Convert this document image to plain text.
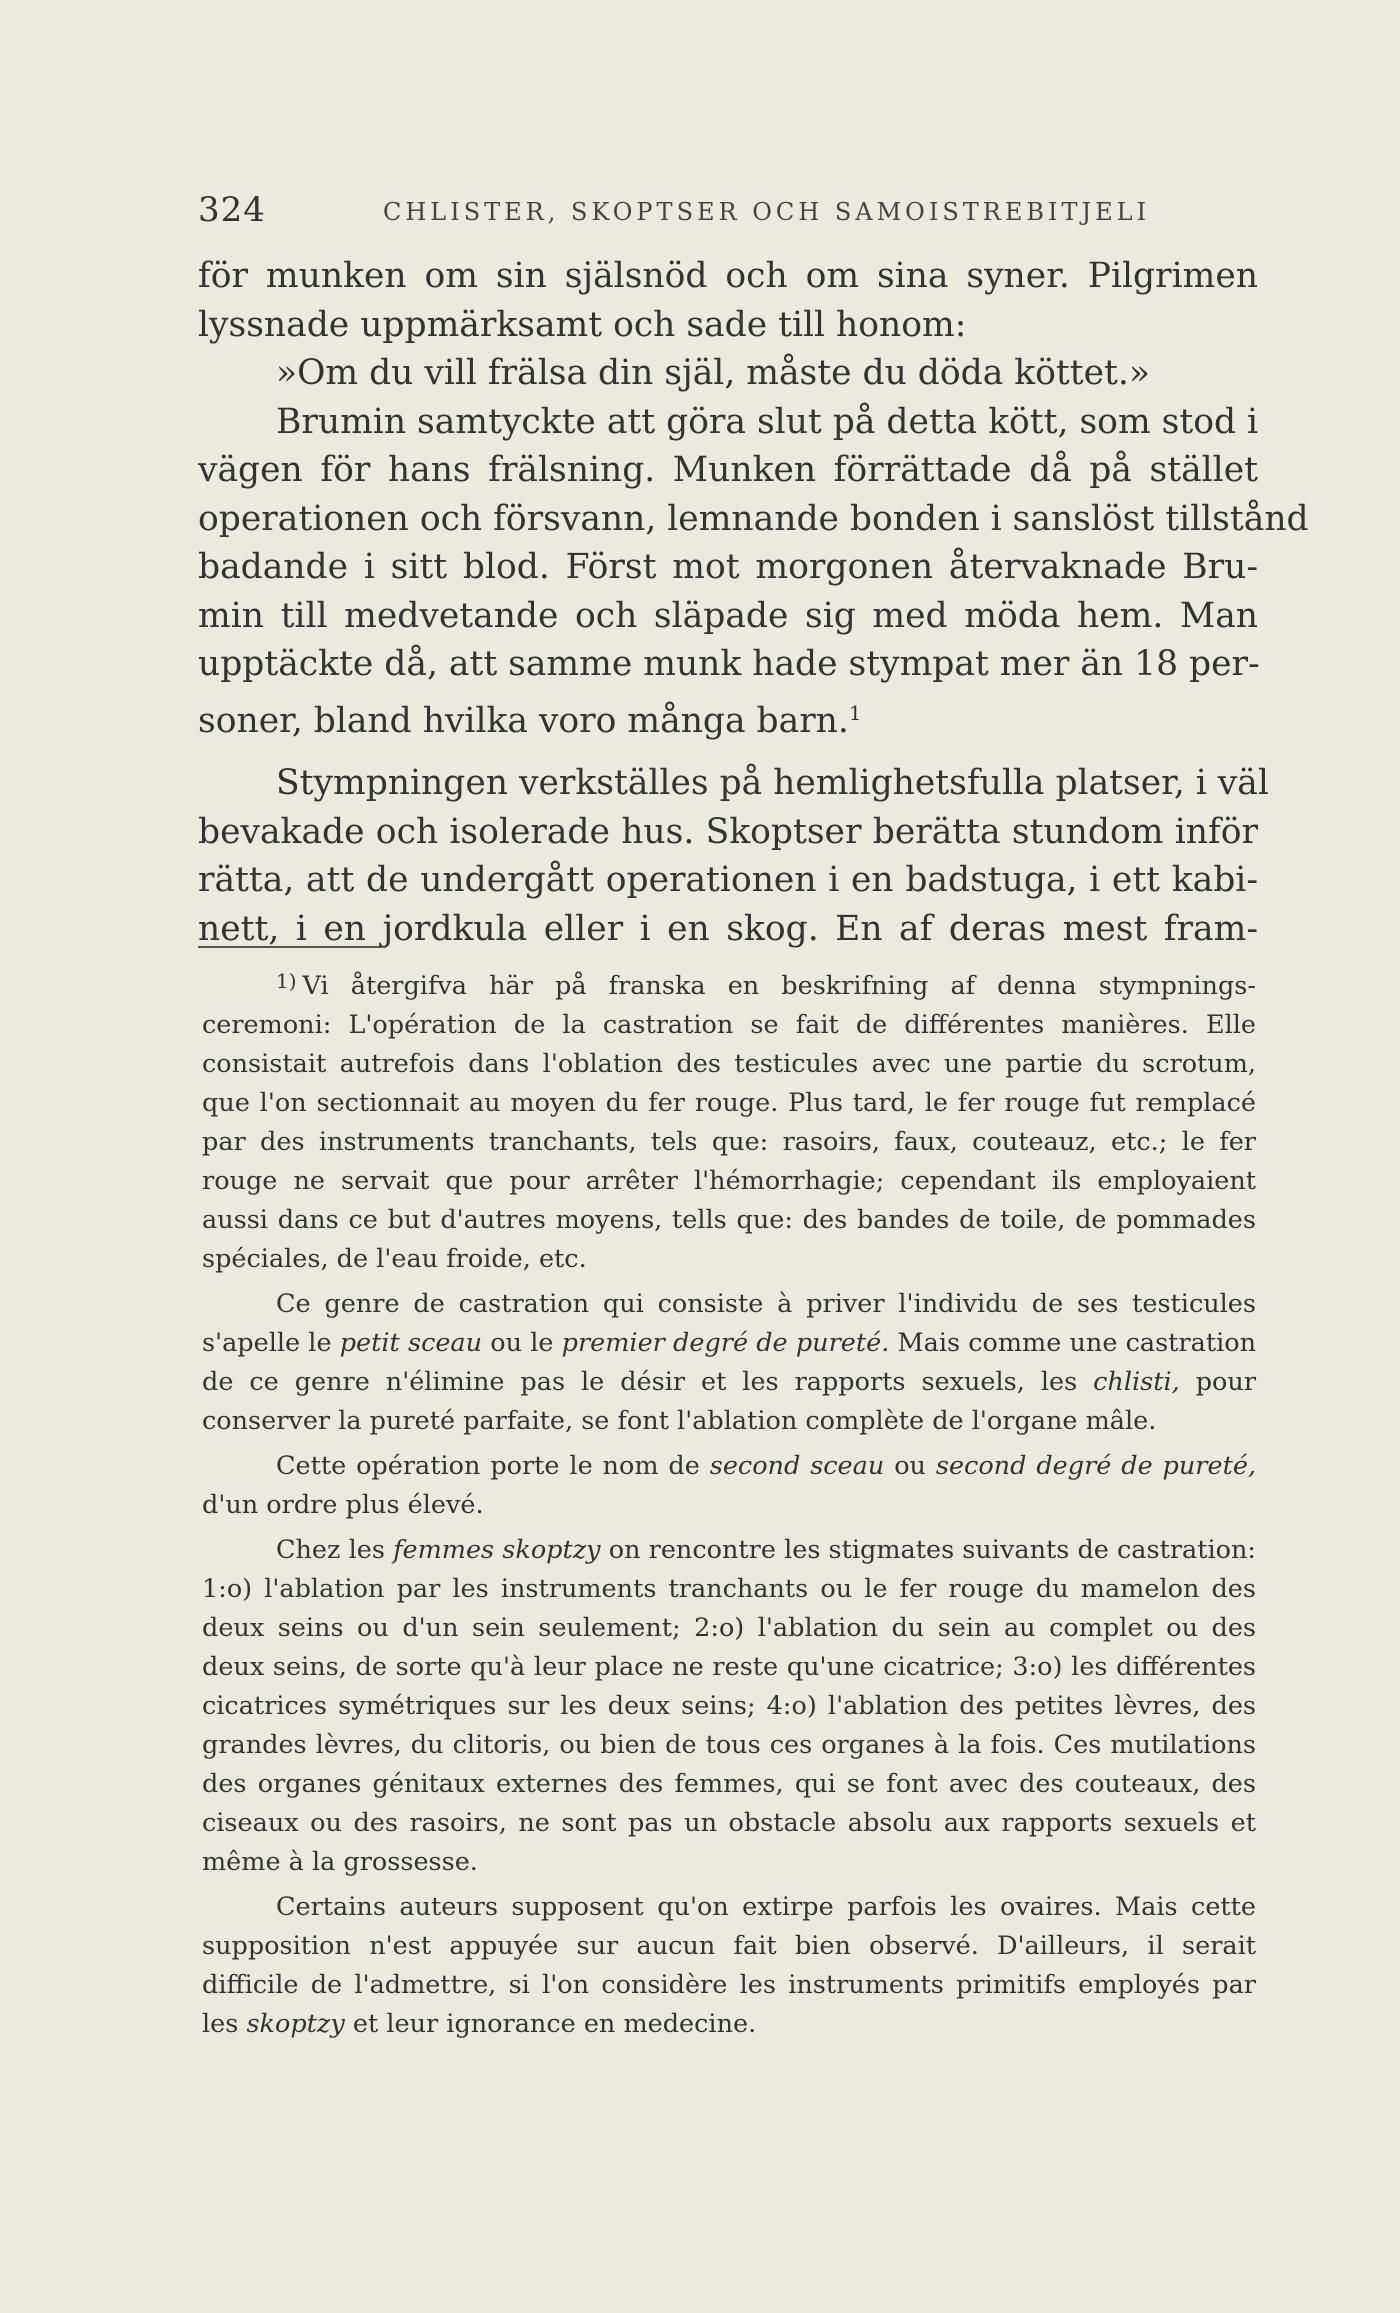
324	CHLISTER, SKOPTSER OCH SAMOISTREBITJELI
för munken om sin själsnöd och om sina syner. Pilgrimen
lyssnade uppmärksamt och sade till honom:
»Om du vill frälsa din själ, måste du döda köttet.»
Brumin samtyckte att göra slut på detta kött, som stod i
vägen för hans frälsning. Munken förrättade då på stället
operationen och försvann, lemnande bonden i sanslöst tillstånd
badande i sitt blod. Först mot morgonen återvaknade Bru-
min till medvetande och släpade sig med möda hem. Man
upptäckte då, att samme munk hade stympat mer än 18 per-
soner, bland hvilka voro många barn.$^1$
Stympningen verkställes på hemlighetsfulla platser, i väl
bevakade och isolerade hus. Skoptser berätta stundom inför
rätta, att de undergått operationen i en badstuga, i ett kabi-
nett, i en jordkula eller i en skog. En af deras mest fram-

$^{1)}$ Vi återgifva här på franska en beskrifning af denna stympnings-ceremoni: L'opération de la castration se fait de différentes manières. Elle consistait autrefois dans l'oblation des testicules avec une partie du scrotum, que l'on sectionnait au moyen du fer rouge. Plus tard, le fer rouge fut remplacé par des instruments tranchants, tels que: rasoirs, faux, couteauz, etc.; le fer rouge ne servait que pour arrêter l'hémorrhagie; cependant ils employaient aussi dans ce but d'autres moyens, tells que: des bandes de toile, de pommades spéciales, de l'eau froide, etc.

Ce genre de castration qui consiste à priver l'individu de ses testicules s'apelle le petit sceau ou le premier degré de pureté. Mais comme une castration de ce genre n'élimine pas le désir et les rapports sexuels, les chlisti, pour conserver la pureté parfaite, se font l'ablation complète de l'organe mâle.

Cette opération porte le nom de second sceau ou second degré de pureté, d'un ordre plus élevé.

Chez les femmes skoptzy on rencontre les stigmates suivants de castration: 1:o) l'ablation par les instruments tranchants ou le fer rouge du mamelon des deux seins ou d'un sein seulement; 2:o) l'ablation du sein au complet ou des deux seins, de sorte qu'à leur place ne reste qu'une cicatrice; 3:o) les différentes cicatrices symétriques sur les deux seins; 4:o) l'ablation des petites lèvres, des grandes lèvres, du clitoris, ou bien de tous ces organes à la fois. Ces mutilations des organes génitaux externes des femmes, qui se font avec des couteaux, des ciseaux ou des rasoirs, ne sont pas un obstacle absolu aux rapports sexuels et même à la grossesse.

Certains auteurs supposent qu'on extirpe parfois les ovaires. Mais cette supposition n'est appuyée sur aucun fait bien observé. D'ailleurs, il serait difficile de l'admettre, si l'on considère les instruments primitifs employés par les skoptzy et leur ignorance en medecine.
